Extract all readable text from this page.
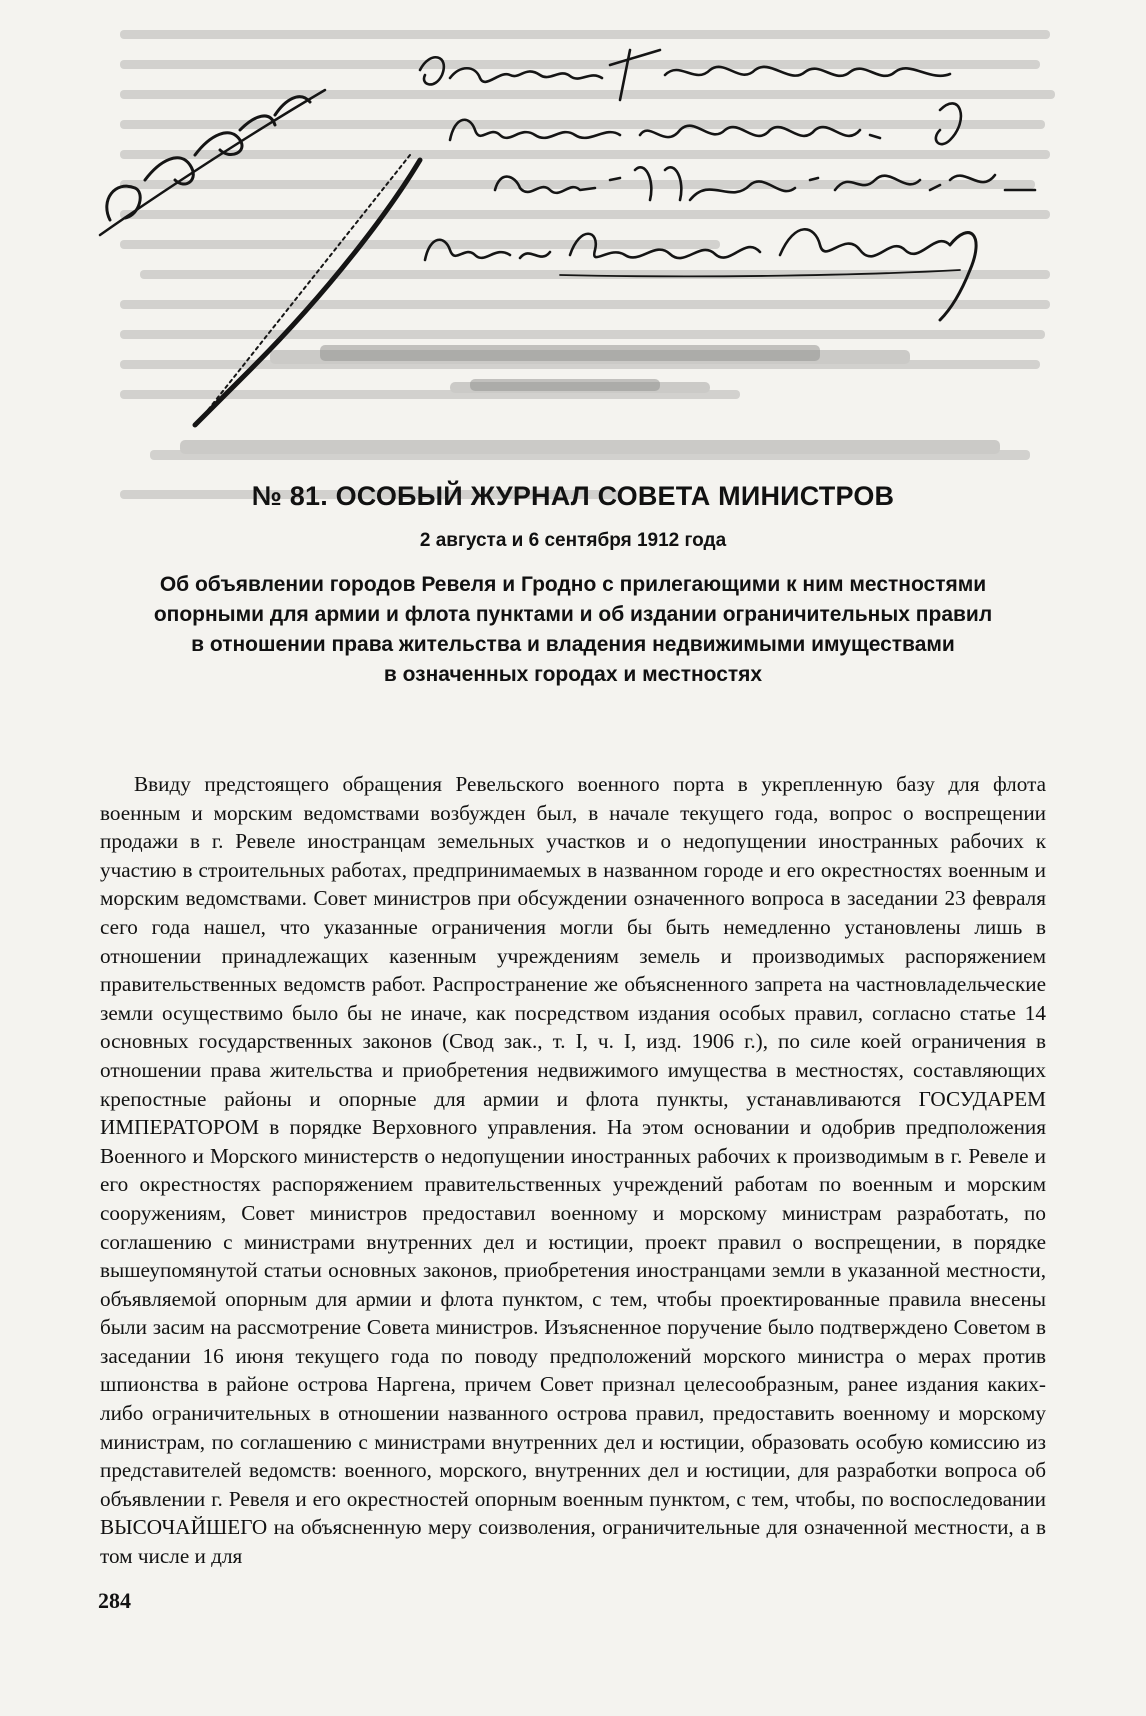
№ 81. ОСОБЫЙ ЖУРНАЛ СОВЕТА МИНИСТРОВ
2 августа и 6 сентября 1912 года
Об объявлении городов Ревеля и Гродно с прилегающими к ним местностями
опорными для армии и флота пунктами и об издании ограничительных правил
в отношении права жительства и владения недвижимыми имуществами
в означенных городах и местностях

Ввиду предстоящего обращения Ревельского военного порта в укрепленную базу для флота военным и морским ведомствами возбужден был, в начале текущего года, вопрос о воспрещении продажи в г. Ревеле иностранцам земельных участков и о недопущении иностранных рабочих к участию в строительных работах, предпринимаемых в названном городе и его окрестностях военным и морским ведомствами. Совет министров при обсуждении означенного вопроса в заседании 23 февраля сего года нашел, что указанные ограничения могли бы быть немедленно установлены лишь в отношении принадлежащих казенным учреждениям земель и производимых распоряжением правительственных ведомств работ. Распространение же объясненного запрета на частновладельческие земли осуществимо было бы не иначе, как посредством издания особых правил, согласно статье 14 основных государственных законов (Свод зак., т. I, ч. I, изд. 1906 г.), по силе коей ограничения в отношении права жительства и приобретения недвижимого имущества в местностях, составляющих крепостные районы и опорные для армии и флота пункты, устанавливаются ГОСУДАРЕМ ИМПЕРАТОРОМ в порядке Верховного управления. На этом основании и одобрив предположения Военного и Морского министерств о недопущении иностранных рабочих к производимым в г. Ревеле и его окрестностях распоряжением правительственных учреждений работам по военным и морским сооружениям, Совет министров предоставил военному и морскому министрам разработать, по соглашению с министрами внутренних дел и юстиции, проект правил о воспрещении, в порядке вышеупомянутой статьи основных законов, приобретения иностранцами земли в указанной местности, объявляемой опорным для армии и флота пунктом, с тем, чтобы проектированные правила внесены были засим на рассмотрение Совета министров. Изъясненное поручение было подтверждено Советом в заседании 16 июня текущего года по поводу предположений морского министра о мерах против шпионства в районе острова Наргена, причем Совет признал целесообразным, ранее издания каких-либо ограничительных в отношении названного острова правил, предоставить военному и морскому министрам, по соглашению с министрами внутренних дел и юстиции, образовать особую комиссию из представителей ведомств: военного, морского, внутренних дел и юстиции, для разработки вопроса об объявлении г. Ревеля и его окрестностей опорным военным пунктом, с тем, чтобы, по воспоследовании ВЫСОЧАЙШЕГО на объясненную меру соизволения, ограничительные для означенной местности, а в том числе и для

284
